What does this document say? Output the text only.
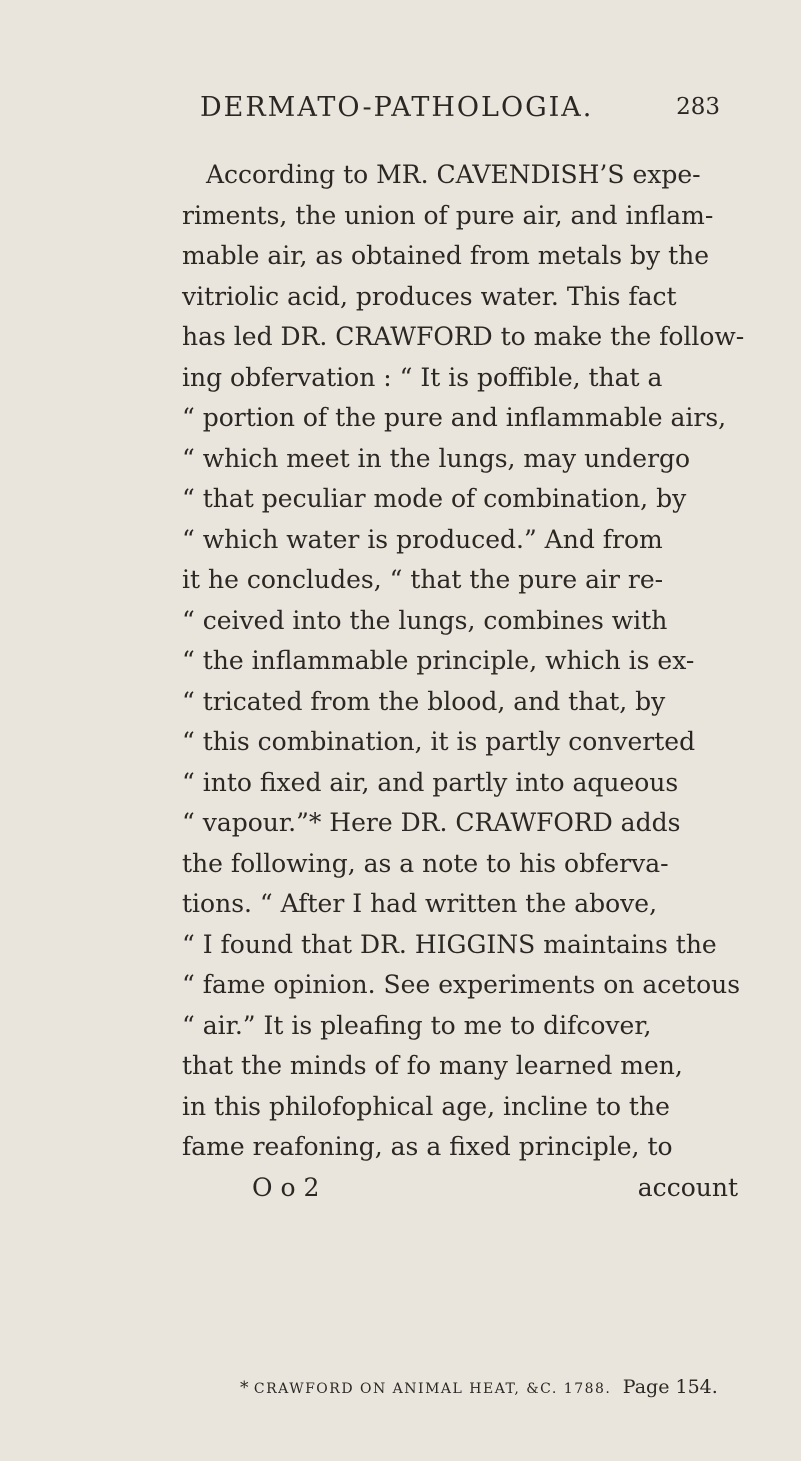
DERMATO-PATHOLOGIA.	283
According to MR. CAVENDISH’S expe-
riments, the union of pure air, and inflam-
mable air, as obtained from metals by the
vitriolic acid, produces water. This fact
has led DR. CRAWFORD to make the follow-
ing obfervation : “ It is poffible, that a
“ portion of the pure and inflammable airs,
“ which meet in the lungs, may undergo
“ that peculiar mode of combination, by
“ which water is produced.” And from
it he concludes, “ that the pure air re-
“ ceived into the lungs, combines with
“ the inflammable principle, which is ex-
“ tricated from the blood, and that, by
“ this combination, it is partly converted
“ into fixed air, and partly into aqueous
“ vapour.”* Here DR. CRAWFORD adds
the following, as a note to his obferva-
tions. “ After I had written the above,
“ I found that DR. HIGGINS maintains the
“ fame opinion. See experiments on acetous
“ air.” It is pleafing to me to difcover,
that the minds of fo many learned men,
in this philofophical age, incline to the
fame reafoning, as a fixed principle, to
O o 2	account
* CRAWFORD ON ANIMAL HEAT, &C. 1788. Page 154.
